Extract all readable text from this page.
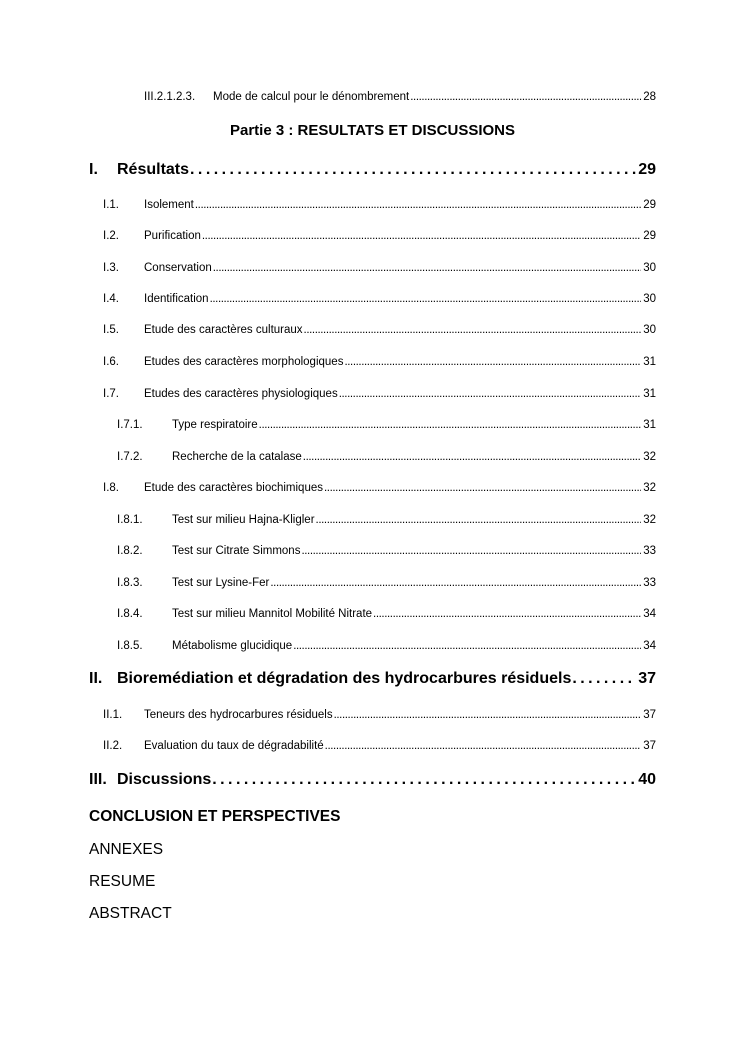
III.2.1.2.3.	Mode de calcul pour le dénombrement . . .	28
Partie 3 : RESULTATS ET DISCUSSIONS
I.	Résultats . . .	29
I.1.	Isolement . . .	29
I.2.	Purification . . .	29
I.3.	Conservation . . .	30
I.4.	Identification . . .	30
I.5.	Etude des caractères culturaux . . .	30
I.6.	Etudes des caractères morphologiques . . .	31
I.7.	Etudes des caractères physiologiques . . .	31
I.7.1.	Type respiratoire . . .	31
I.7.2.	Recherche de la catalase . . .	32
I.8.	Etude des caractères biochimiques . . .	32
I.8.1.	Test sur milieu Hajna-Kligler . . .	32
I.8.2.	Test sur Citrate Simmons . . .	33
I.8.3.	Test sur Lysine-Fer . . .	33
I.8.4.	Test sur milieu Mannitol Mobilité Nitrate . . .	34
I.8.5.	Métabolisme glucidique . . .	34
II. Bioremédiation et dégradation des hydrocarbures résiduels . . .	37
II.1.	Teneurs des hydrocarbures résiduels . . .	37
II.2.	Evaluation du taux de dégradabilité . . .	37
III. Discussions . . .	40
CONCLUSION ET PERSPECTIVES
ANNEXES
RESUME
ABSTRACT
